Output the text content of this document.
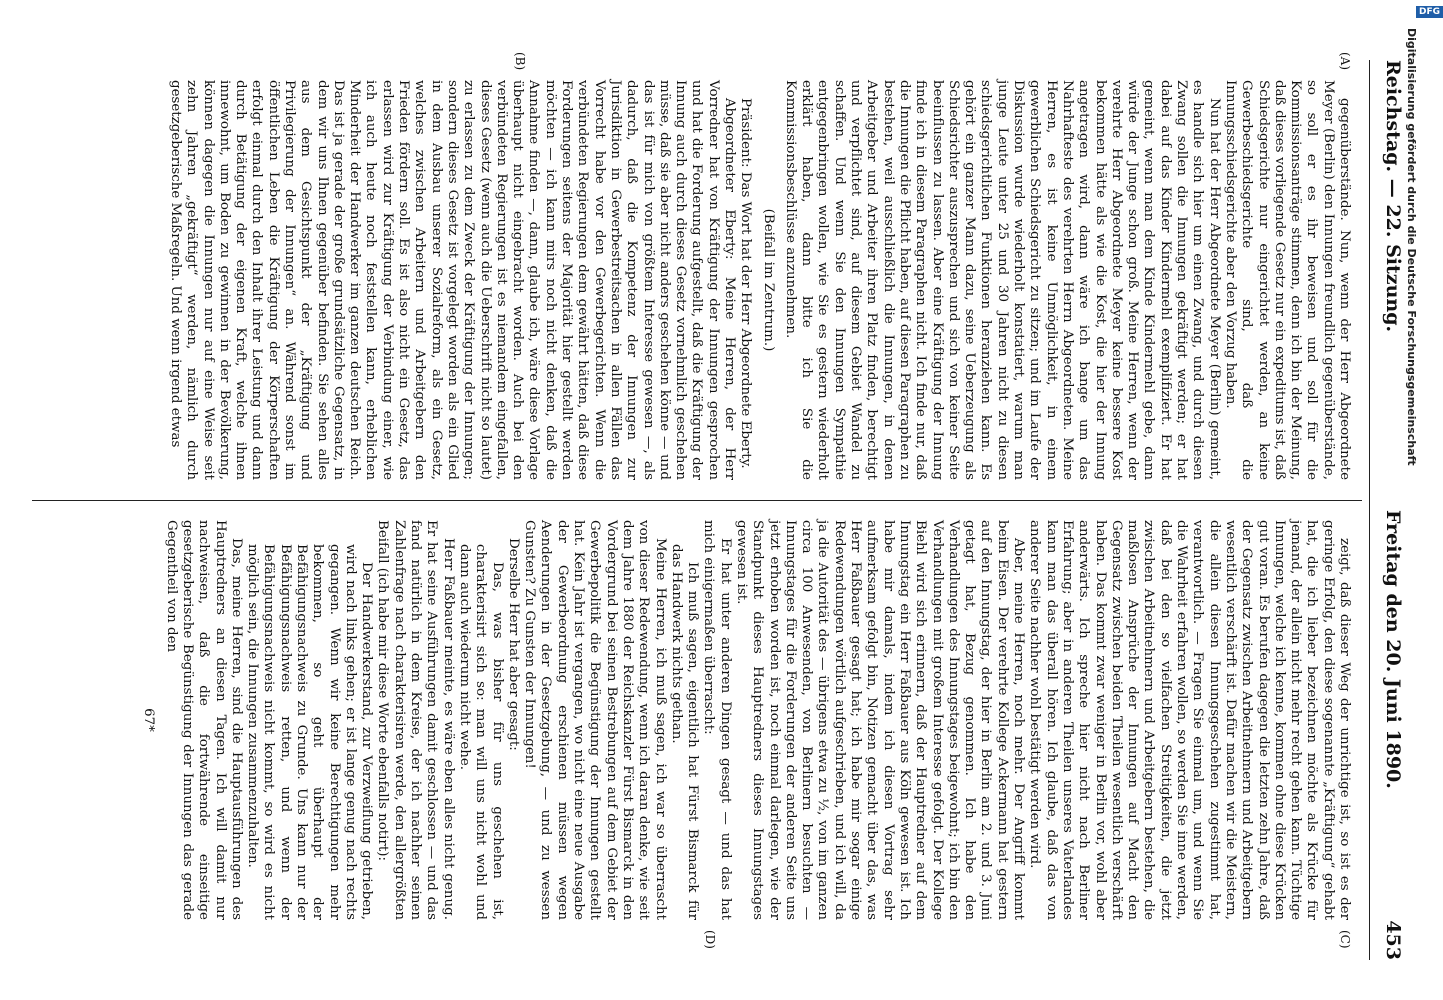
Reichstag. — 22. Sitzung.
Freitag den 20. Juni 1890.
453
(A)
(B)
(C)
(D)

gegenüberstände. Nun, wenn der Herr Abgeordnete Meyer (Berlin) den Innungen freundlich gegenüberstände, so soll er es ihr beweisen und soll für die Kommissionsanträge stimmen, denn ich bin der Meinung, daß dieses vorliegende Gesetz nur ein expeditums ist, daß Schiedsgerichte nur eingerichtet werden, an keine Gewerbeschiedsgerichte sind, daß die Innungsschiedsgerichte aber den Vorzug haben.

Nun hat der Herr Abgeordnete Meyer (Berlin) gemeint, es handle sich hier um einen Zwang, und durch diesen Zwang sollen die Innungen gekräftigt werden; er hat dabei auf das Kinder Kindermehl exemplifiziert. Er hat gemeint, wenn man dem Kinde Kindermehl gebe, dann würde der Junge schon groß. Meine Herren, wenn der verehrte Herr Abgeordnete Meyer keine bessere Kost bekommen hätte als wie die Kost, die hier der Innung angetragen wird, dann wäre ich bange um das Nahrhafteste des verehrten Herrn Abgeordneten. Meine Herren, es ist keine Unmöglichkeit, in einem gewerblichen Schiedsgericht zu sitzen; und im Laufe der Diskussion wurde wiederholt konstatiert, warum man junge Leute unter 25 und 30 Jahren nicht zu diesen schiedsgerichtlichen Funktionen heranziehen kann. Es gehört ein ganzer Mann dazu, seine Ueberzeugung als Schiedsrichter auszusprechen und sich von keiner Seite beeinflussen zu lassen. Aber eine Kräftigung der Innung finde ich in diesem Paragraphen nicht. Ich finde nur, daß die Innungen die Pflicht haben, auf diesen Paragraphen zu bestehen, weil ausschließlich die Innungen, in denen Arbeitgeber und Arbeiter ihren Platz finden, berechtigt und verpflichtet sind, auf diesem Gebiet Wandel zu schaffen. Und wenn Sie den Innungen Sympathie entgegenbringen wollen, wie Sie es gestern wiederholt erklärt haben, dann bitte ich Sie die Kommissionsbeschlüsse anzunehmen.

(Beifall im Zentrum.)

Präsident: Das Wort hat der Herr Abgeordnete Eberty.

Abgeordneter Eberty: Meine Herren, der Herr Vorredner hat von Kräftigung der Innungen gesprochen und hat die Forderung aufgestellt, daß die Kräftigung der Innung auch durch dieses Gesetz vornehmlich geschehen müsse, daß sie aber nicht anders geschehen könne — und das ist für mich von größtem Interesse gewesen —, als dadurch, daß die Kompetenz der Innungen zur Jurisdiktion in Gewerbestreitsachen in allen Fällen das Vorrecht habe vor den Gewerbegerichten. Wenn die verbündeten Regierungen dem gewährt hätten, daß diese Forderungen seitens der Majorität hier gestellt werden möchten — ich kann mirs noch nicht denken, daß die Annahme finden —, dann, glaube ich, wäre diese Vorlage überhaupt nicht eingebracht worden. Auch bei den verbündeten Regierungen ist es niemandem eingefallen, dieses Gesetz (wenn auch die Ueberschrift nicht so lautet) zu erlassen zu dem Zweck der Kräftigung der Innungen; sondern dieses Gesetz ist vorgelegt worden als ein Glied in dem Ausbau unserer Sozialreform, als ein Gesetz, welches zwischen Arbeitern und Arbeitgebern den Frieden fördern soll. Es ist also nicht ein Gesetz, das erlassen wird zur Kräftigung der Verbindung einer, wie ich auch heute noch feststellen kann, erheblichen Minderheit der Handwerker im ganzen deutschen Reich. Das ist ja gerade der große grundsätzliche Gegensatz, in dem wir uns Ihnen gegenüber befinden. Sie sehen alles aus dem Gesichtspunkt der „Kräftigung und Privilegierung der Innungen“ an. Während sonst im öffentlichen Leben die Kräftigung der Körperschaften erfolgt einmal durch den Inhalt ihrer Leistung und dann durch Betätigung der eigenen Kraft, welche ihnen innewohnt, um Boden zu gewinnen in der Bevölkerung, können dagegen die Innungen nur auf eine Weise seit zehn Jahren „gekräftigt“ werden, nämlich durch gesetzgeberische Maßregeln. Und wenn irgend etwas

zeigt, daß dieser Weg der unrichtige ist, so ist es der geringe Erfolg, den diese sogenannte „Kräftigung“ gehabt hat, die ich lieber bezeichnen möchte als Krücke für jemand, der allein nicht mehr recht gehen kann. Tüchtige Innungen, welche ich kenne, kommen ohne diese Krücken gut voran. Es berufen dagegen die letzten zehn Jahre, daß der Gegensatz zwischen Arbeitnehmern und Arbeitgebern wesentlich verschärft ist. Dafür machen wir die Meistern, die allein diesen Innungsgeschehen zugestimmt hat, verantwortlich. — Fragen Sie einmal um, und wenn Sie die Wahrheit erfahren wollen, so werden Sie inne werden, daß bei den so vielfachen Streitigkeiten, die jetzt zwischen Arbeitnehmern und Arbeitgebern bestehen, die maßlosen Ansprüche der Innungen auf Macht den Gegensatz zwischen beiden Theilen wesentlich verschärft haben. Das kommt zwar weniger in Berlin vor, wohl aber anderwärts. Ich spreche hier nicht nach Berliner Erfahrung; aber in anderen Theilen unseres Vaterlandes kann man das überall hören. Ich glaube, daß das von anderer Seite nachher wohl bestätigt werden wird.

Aber, meine Herren, noch mehr. Der Angriff kommt beim Eisen. Der verehrte Kollege Ackermann hat gestern auf den Innungstag, der hier in Berlin am 2. und 3. Juni getagt hat, Bezug genommen. Ich habe den Verhandlungen des Innungstages beigewohnt; ich bin den Verhandlungen mit großem Interesse gefolgt. Der Kollege Biehl wird sich erinnern, daß der Hauptredner auf dem Innungstag ein Herr Faßbauer aus Köln gewesen ist. Ich habe mir damals, indem ich diesen Vortrag sehr aufmerksam gefolgt bin, Notizen gemacht über das, was Herr Faßbauer gesagt hat; ich habe mir sogar einige Redewendungen wörtlich aufgeschrieben, und ich will, da ja die Autorität des — übrigens etwa zu ½, von im ganzen circa 100 Anwesenden, von Berlinern besuchten — Innungstages für die Forderungen der anderen Seite uns jetzt erhoben worden ist, noch einmal darlegen, wie der Standpunkt dieses Hauptredners dieses Innungstages gewesen ist.

Er hat unter anderen Dingen gesagt — und das hat mich einigermaßen überrascht:

Ich muß sagen, eigentlich hat Fürst Bismarck für das Handwerk nichts gethan.

Meine Herren, ich muß sagen, ich war so überrascht von dieser Redewendung, wenn ich daran denke, wie seit dem Jahre 1880 der Reichskanzler Fürst Bismarck in den Vordergrund bei seinen Bestrebungen auf dem Gebiet der Gewerbepolitik die Begünstigung der Innungen gestellt hat. Kein Jahr ist vergangen, wo nicht eine neue Ausgabe der Gewerbeordnung erschienen müssen wegen Aenderungen in der Gesetzgebung, — und zu wessen Gunsten? Zu Gunsten der Innungen!

Derselbe Herr hat aber gesagt:

Das, was bisher für uns geschehen ist, charakterisirt sich so: man will uns nicht wohl und dann auch wiederum nicht wehe.

Herr Faßbauer meinte, es wäre eben alles nicht genug. Er hat seine Ausführungen damit geschlossen — und das fand natürlich in dem Kreise, der ich nachher seinen Zahlenfrage nach charakterisiren werde, den allergrößten Beifall (ich habe mir diese Worte ebenfalls notirt):

Der Handwerkerstand, zur Verzweiflung getrieben, wird nach links gehen; er ist lange genug nach rechts gegangen. Wenn wir keine Berechtigungen mehr bekommen, so geht überhaupt der Befähigungsnachweis zu Grunde. Uns kann nur der Befähigungsnachweis retten, und wenn der Befähigungsnachweis nicht kommt, so wird es nicht möglich sein, die Innungen zusammenzuhalten.

Das, meine Herren, sind die Hauptausführungen des Hauptredners an diesen Tagen. Ich will damit nur nachweisen, daß die fortwährende einseitige gesetzgeberische Begünstigung der Innungen das gerade Gegentheil von den

67*

Digitalisierung gefördert durch die Deutsche Forschungsgemeinschaft
DFG
